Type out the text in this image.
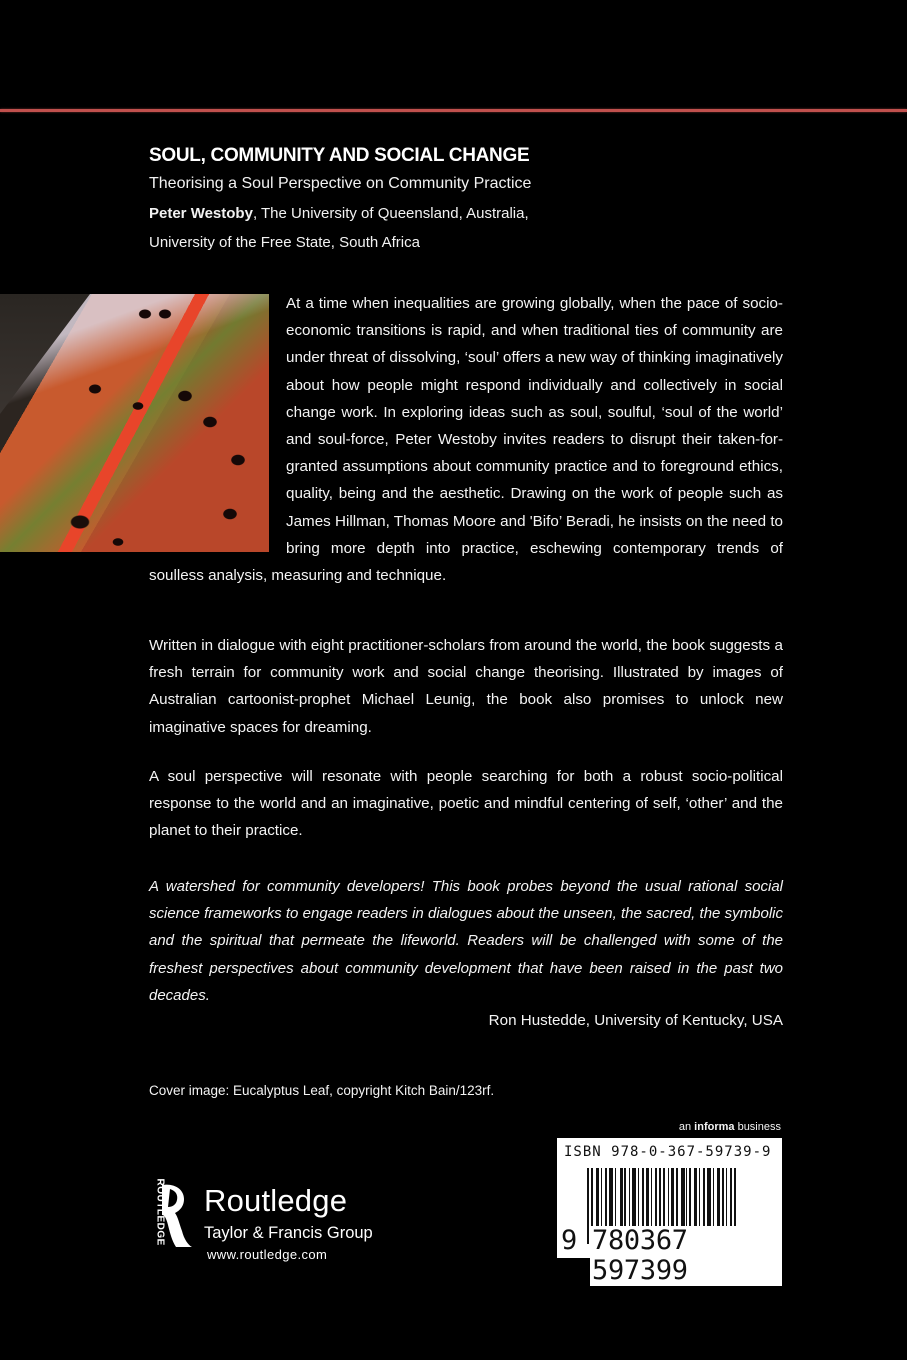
SOUL, COMMUNITY AND SOCIAL CHANGE
Theorising a Soul Perspective on Community Practice
Peter Westoby, The University of Queensland, Australia,
University of the Free State, South Africa

At a time when inequalities are growing globally, when the pace of socio-economic transitions is rapid, and when traditional ties of community are under threat of dissolving, ‘soul’ offers a new way of thinking imaginatively about how people might respond individually and collectively in social change work. In exploring ideas such as soul, soulful, ‘soul of the world’ and soul-force, Peter Westoby invites readers to disrupt their taken-for-granted assumptions about community practice and to foreground ethics, quality, being and the aesthetic. Drawing on the work of people such as James Hillman, Thomas Moore and 'Bifo’ Beradi, he insists on the need to bring more depth into practice, eschewing contemporary trends of soulless analysis, measuring and technique.

Written in dialogue with eight practitioner-scholars from around the world, the book suggests a fresh terrain for community work and social change theorising. Illustrated by images of Australian cartoonist-prophet Michael Leunig, the book also promises to unlock new imaginative spaces for dreaming.

A soul perspective will resonate with people searching for both a robust socio-political response to the world and an imaginative, poetic and mindful centering of self, ‘other’ and the planet to their practice.

A watershed for community developers! This book probes beyond the usual rational social science frameworks to engage readers in dialogues about the unseen, the sacred, the symbolic and the spiritual that permeate the lifeworld. Readers will be challenged with some of the freshest perspectives about community development that have been raised in the past two decades.

Ron Hustedde, University of Kentucky, USA
Cover image: Eucalyptus Leaf, copyright Kitch Bain/123rf.
an informa business
ISBN 978-0-367-59739-9
9 780367 597399
ROUTLEDGE Routledge
Taylor & Francis Group
www.routledge.com
